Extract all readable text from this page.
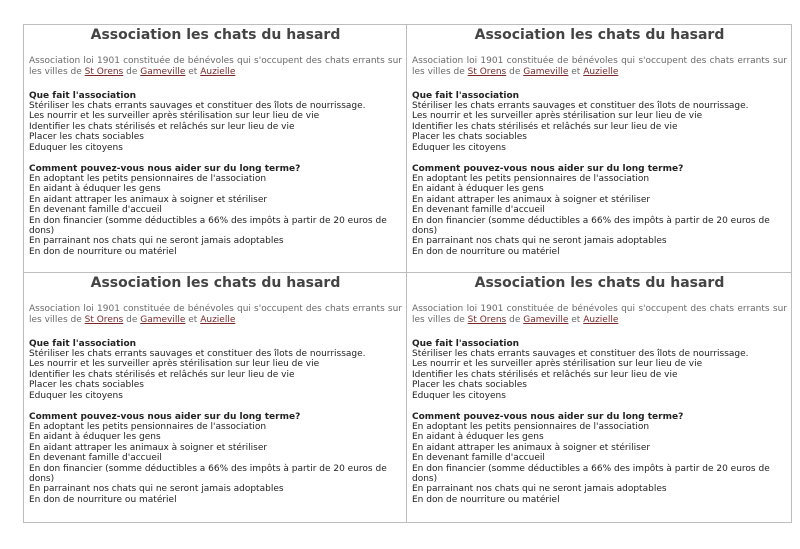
Association les chats du hasard
Association loi 1901 constituée de bénévoles qui s'occupent des chats errants sur les villes de St Orens de Gameville et Auzielle
Que fait l'association
Stériliser les chats errants sauvages et constituer des îlots de nourrissage.
Les nourrir et les surveiller après stérilisation sur leur lieu de vie
Identifier les chats stérilisés et relâchés sur leur lieu de vie
Placer les chats sociables
Eduquer les citoyens
Comment pouvez-vous nous aider sur du long terme?
En adoptant les petits pensionnaires de l'association
En aidant à éduquer les gens
En aidant attraper les animaux à soigner et stériliser
En devenant famille d'accueil
En don financier (somme déductibles a 66% des impôts à partir de 20 euros de dons)
En parrainant nos chats qui ne seront jamais adoptables
En don de nourriture ou matériel
Association les chats du hasard
Association loi 1901 constituée de bénévoles qui s'occupent des chats errants sur les villes de St Orens de Gameville et Auzielle
Que fait l'association
Stériliser les chats errants sauvages et constituer des îlots de nourrissage.
Les nourrir et les surveiller après stérilisation sur leur lieu de vie
Identifier les chats stérilisés et relâchés sur leur lieu de vie
Placer les chats sociables
Eduquer les citoyens
Comment pouvez-vous nous aider sur du long terme?
En adoptant les petits pensionnaires de l'association
En aidant à éduquer les gens
En aidant attraper les animaux à soigner et stériliser
En devenant famille d'accueil
En don financier (somme déductibles a 66% des impôts à partir de 20 euros de dons)
En parrainant nos chats qui ne seront jamais adoptables
En don de nourriture ou matériel
Association les chats du hasard
Association loi 1901 constituée de bénévoles qui s'occupent des chats errants sur les villes de St Orens de Gameville et Auzielle
Que fait l'association
Stériliser les chats errants sauvages et constituer des îlots de nourrissage.
Les nourrir et les surveiller après stérilisation sur leur lieu de vie
Identifier les chats stérilisés et relâchés sur leur lieu de vie
Placer les chats sociables
Eduquer les citoyens
Comment pouvez-vous nous aider sur du long terme?
En adoptant les petits pensionnaires de l'association
En aidant à éduquer les gens
En aidant attraper les animaux à soigner et stériliser
En devenant famille d'accueil
En don financier (somme déductibles a 66% des impôts à partir de 20 euros de dons)
En parrainant nos chats qui ne seront jamais adoptables
En don de nourriture ou matériel
Association les chats du hasard
Association loi 1901 constituée de bénévoles qui s'occupent des chats errants sur les villes de St Orens de Gameville et Auzielle
Que fait l'association
Stériliser les chats errants sauvages et constituer des îlots de nourrissage.
Les nourrir et les surveiller après stérilisation sur leur lieu de vie
Identifier les chats stérilisés et relâchés sur leur lieu de vie
Placer les chats sociables
Eduquer les citoyens
Comment pouvez-vous nous aider sur du long terme?
En adoptant les petits pensionnaires de l'association
En aidant à éduquer les gens
En aidant attraper les animaux à soigner et stériliser
En devenant famille d'accueil
En don financier (somme déductibles a 66% des impôts à partir de 20 euros de dons)
En parrainant nos chats qui ne seront jamais adoptables
En don de nourriture ou matériel
